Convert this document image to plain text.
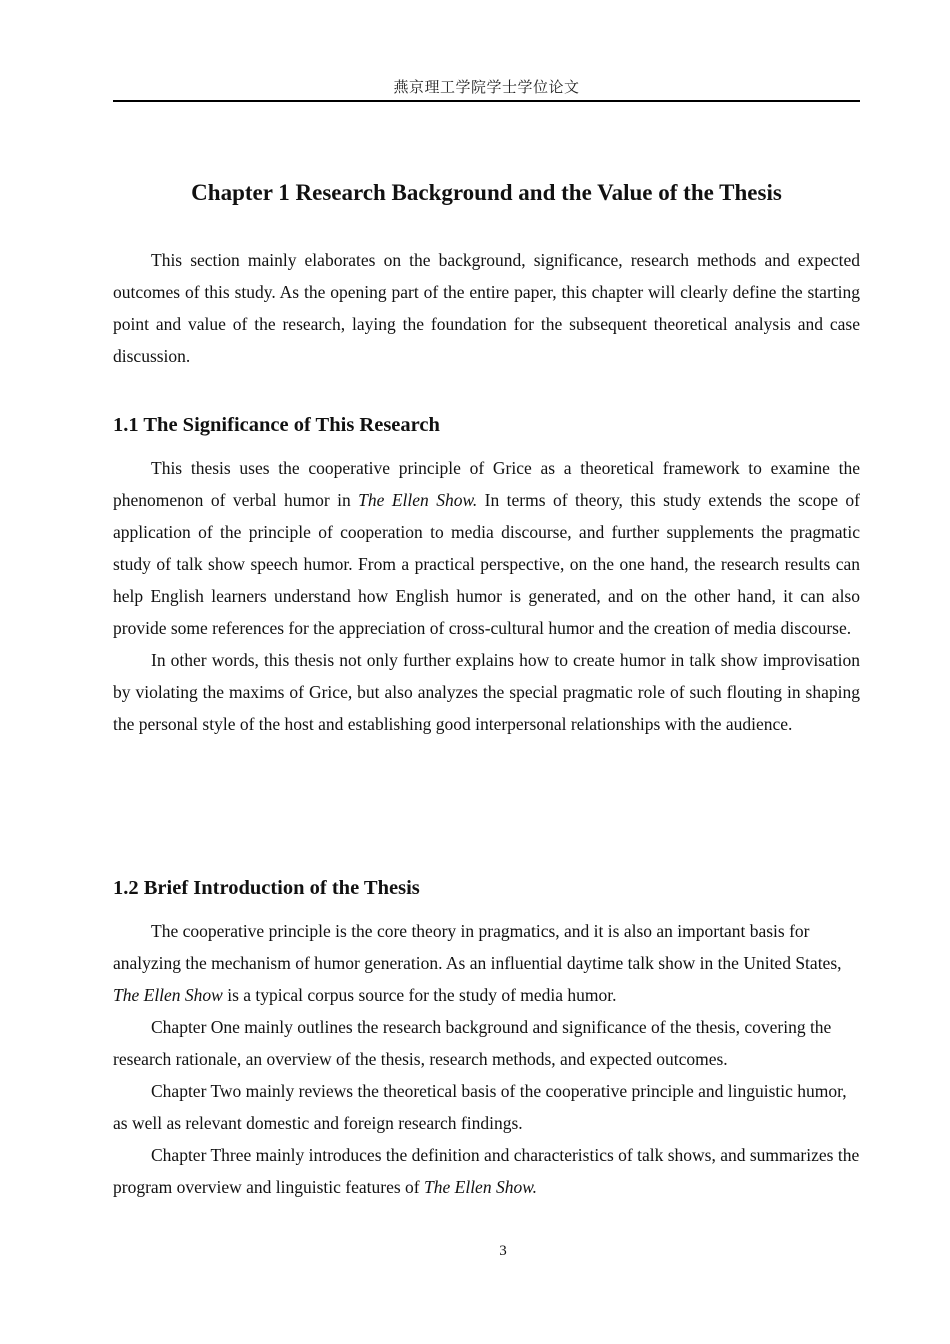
燕京理工学院学士学位论文
Chapter 1 Research Background and the Value of the Thesis

This section mainly elaborates on the background, significance, research methods and expected outcomes of this study. As the opening part of the entire paper, this chapter will clearly define the starting point and value of the research, laying the foundation for the subsequent theoretical analysis and case discussion.

1.1 The Significance of This Research

This thesis uses the cooperative principle of Grice as a theoretical framework to examine the phenomenon of verbal humor in The Ellen Show. In terms of theory, this study extends the scope of application of the principle of cooperation to media discourse, and further supplements the pragmatic study of talk show speech humor. From a practical perspective, on the one hand, the research results can help English learners understand how English humor is generated, and on the other hand, it can also provide some references for the appreciation of cross-cultural humor and the creation of media discourse.

In other words, this thesis not only further explains how to create humor in talk show improvisation by violating the maxims of Grice, but also analyzes the special pragmatic role of such flouting in shaping the personal style of the host and establishing good interpersonal relationships with the audience.

1.2 Brief Introduction of the Thesis

The cooperative principle is the core theory in pragmatics, and it is also an important basis for analyzing the mechanism of humor generation. As an influential daytime talk show in the United States, The Ellen Show is a typical corpus source for the study of media humor.

Chapter One mainly outlines the research background and significance of the thesis, covering the research rationale, an overview of the thesis, research methods, and expected outcomes.

Chapter Two mainly reviews the theoretical basis of the cooperative principle and linguistic humor, as well as relevant domestic and foreign research findings.

Chapter Three mainly introduces the definition and characteristics of talk shows, and summarizes the program overview and linguistic features of The Ellen Show.

3
